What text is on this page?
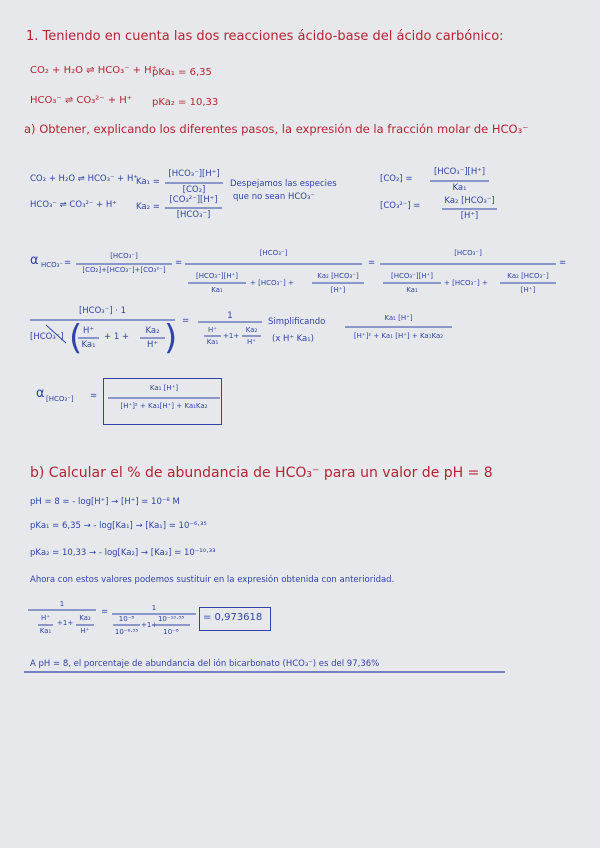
1. Teniendo en cuenta las dos reacciones ácido-base del ácido carbónico:
CO₂ + H₂O ⇌ HCO₃⁻ + H⁺
pKa₁ = 6,35
HCO₃⁻ ⇌ CO₃²⁻ + H⁺ pKa₂ = 10,33
a) Obtener, explicando los diferentes pasos, la expresión de la fracción molar de HCO₃⁻
CO₂ + H₂O ⇌ HCO₃⁻ + H⁺
Ka₁ =
[HCO₃⁻][H⁺]
[CO₂]
HCO₃⁻ ⇌ CO₃²⁻ + H⁺ Ka₂ =
[CO₃²⁻][H⁺]
[HCO₃⁻]
Despejamos las especies
que no sean HCO₃⁻
[CO₂] =
[HCO₃⁻][H⁺]
Ka₁
[CO₃²⁻] =	Ka₂ [HCO₃⁻]
[H⁺]
α HCO₃⁻ =
[HCO₃⁻]
[CO₂]+[HCO₃⁻]+[CO₃²⁻]
=
[HCO₃⁻]
[HCO₃⁻][H⁺]
Ka₁
+ [HCO₃⁻] +
Ka₂ [HCO₃⁻]
[H⁺]
=
[HCO₃⁻]
[HCO₃⁻][H⁺]
Ka₁
+ [HCO₃⁻] +
Ka₂ [HCO₃⁻]
[H⁺]
=
[HCO₃⁻] · 1
[HCO₃⁻] ( H⁺
Ka₁
+ 1 +
Ka₂
H⁺ ) =	1
H⁺
Ka₁
+1+
Ka₂
H⁺
Simplificando
(x H⁺ Ka₁)
Ka₁ [H⁺]
[H⁺]² + Ka₁ [H⁺] + Ka₁Ka₂
α [HCO₃⁻] =
Ka₁ [H⁺]
[H⁺]² + Ka₁[H⁺] + Ka₁Ka₂
b) Calcular el % de abundancia de HCO₃⁻ para un valor de pH = 8
pH = 8 = - log[H⁺] → [H⁺] = 10⁻⁸ M
pKa₁ = 6,35 → - log[Ka₁] → [Ka₁] = 10⁻⁶·³⁵
pKa₂ = 10,33 → - log[Ka₂] → [Ka₂] = 10⁻¹⁰·³³
Ahora con estos valores podemos sustituir en la expresión obtenida con anterioridad.
1
H⁺
Ka₁
+1+
Ka₂
H⁺
=	1
10⁻⁸
10⁻⁶·³⁵
+1+
10⁻¹⁰·³³
10⁻⁸
= 0,973618
A pH = 8, el porcentaje de abundancia del ión bicarbonato (HCO₃⁻) es del 97,36%
